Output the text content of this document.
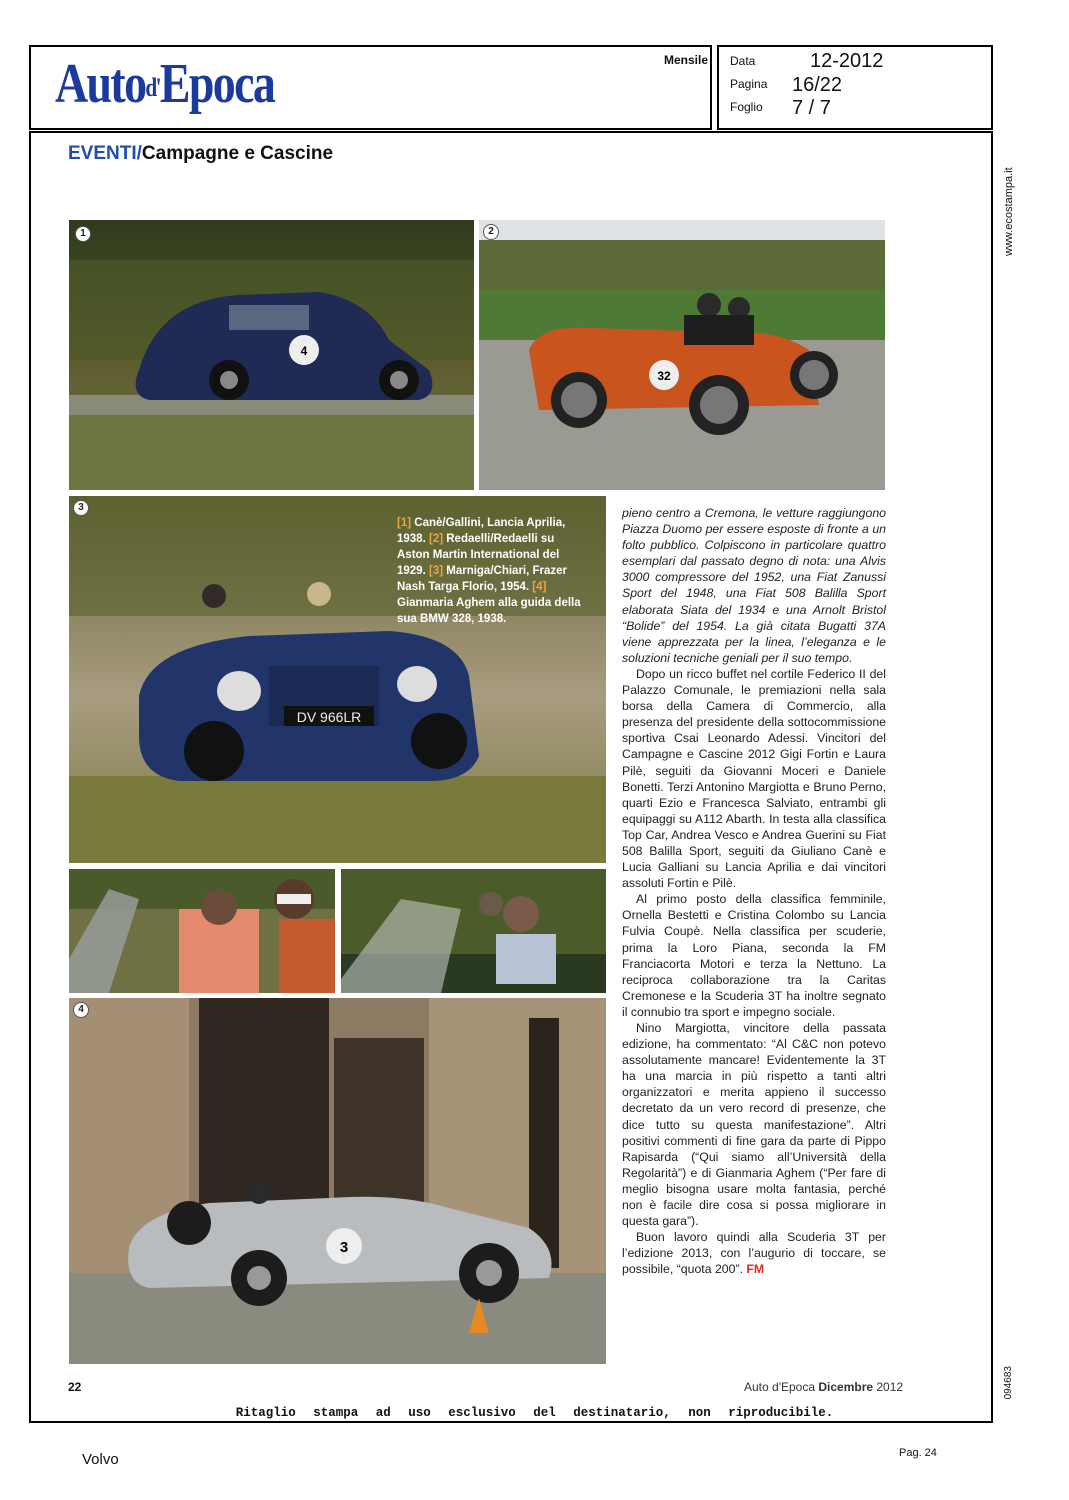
Auto$^{d'}$Epoca	Mensile Data	12-2012
Pagina 16/22
Foglio 7 / 7
EVENTI/Campagne e Cascine
4
1
32
2
DV 966LR
3
[1] Canè/Gallini, Lancia Aprilia, 1938. [2] Redaelli/Redaelli su Aston Martin International del 1929. [3] Marniga/Chiari, Frazer Nash Targa Florio, 1954. [4] Gianmaria Aghem alla guida della sua BMW 328, 1938.
3
4

pieno centro a Cremona, le vetture raggiungono Piazza Duomo per essere esposte di fronte a un folto pubblico. Colpiscono in particolare quattro esemplari dal passato degno di nota: una Alvis 3000 compressore del 1952, una Fiat Zanussi Sport del 1948, una Fiat 508 Balilla Sport elaborata Siata del 1934 e una Arnolt Bristol “Bolide” del 1954. La già citata Bugatti 37A viene apprezzata per la linea, l’eleganza e le soluzioni tecniche geniali per il suo tempo.

Dopo un ricco buffet nel cortile Federico II del Palazzo Comunale, le premiazioni nella sala borsa della Camera di Commercio, alla presenza del presidente della sottocommissione sportiva Csai Leonardo Adessi. Vincitori del Campagne e Cascine 2012 Gigi Fortin e Laura Pilè, seguiti da Giovanni Moceri e Daniele Bonetti. Terzi Antonino Margiotta e Bruno Perno, quarti Ezio e Francesca Salviato, entrambi gli equipaggi su A112 Abarth. In testa alla classifica Top Car, Andrea Vesco e Andrea Guerini su Fiat 508 Balilla Sport, seguiti da Giuliano Canè e Lucia Galliani su Lancia Aprilia e dai vincitori assoluti Fortin e Pilè.

Al primo posto della classifica femminile, Ornella Bestetti e Cristina Colombo su Lancia Fulvia Coupè. Nella classifica per scuderie, prima la Loro Piana, seconda la FM Franciacorta Motori e terza la Nettuno. La reciproca collaborazione tra la Caritas Cremonese e la Scuderia 3T ha inoltre segnato il connubio tra sport e impegno sociale.

Nino Margiotta, vincitore della passata edizione, ha commentato: “Al C&C non potevo assolutamente mancare! Evidentemente la 3T ha una marcia in più rispetto a tanti altri organizzatori e merita appieno il successo decretato da un vero record di presenze, che dice tutto su questa manifestazione”. Altri positivi commenti di fine gara da parte di Pippo Rapisarda (“Qui siamo all’Università della Regolarità”) e di Gianmaria Aghem (“Per fare di meglio bisogna usare molta fantasia, perché non è facile dire cosa si possa migliorare in questa gara”).

Buon lavoro quindi alla Scuderia 3T per l’edizione 2013, con l’augurio di toccare, se possibile, “quota 200”. FM

22	Auto d'Epoca Dicembre 2012
Ritaglio stampa ad uso esclusivo del destinatario, non riproducibile.
www.ecostampa.it
094683
Volvo	Pag. 24
